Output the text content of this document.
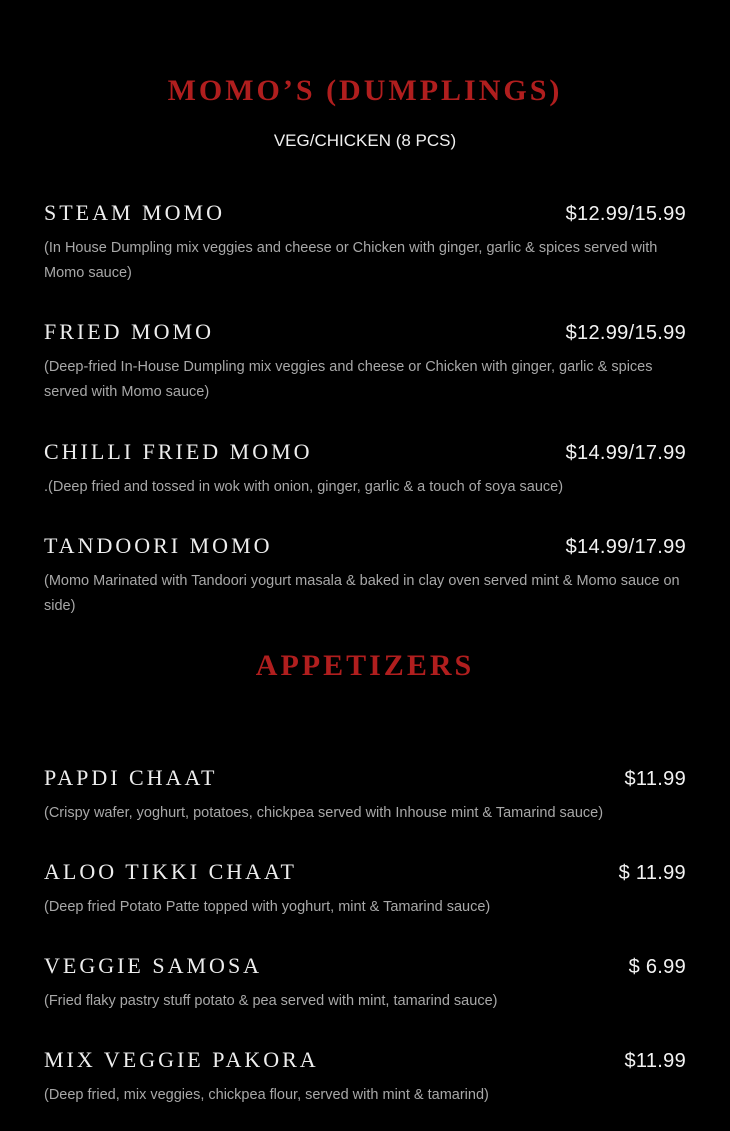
MOMO’S (DUMPLINGS)
VEG/CHICKEN (8 PCS)
STEAM MOMO	$12.99/15.99
(In House Dumpling mix veggies and cheese or Chicken with ginger, garlic & spices served with Momo sauce)
FRIED MOMO	$12.99/15.99
(Deep-fried In-House Dumpling mix veggies and cheese or Chicken with ginger, garlic & spices served with Momo sauce)
CHILLI FRIED MOMO	$14.99/17.99
.(Deep fried and tossed in wok with onion, ginger, garlic & a touch of soya sauce)
TANDOORI MOMO	$14.99/17.99
(Momo Marinated with Tandoori yogurt masala & baked in clay oven served mint & Momo sauce on side)
APPETIZERS
PAPDI CHAAT	$11.99
(Crispy wafer, yoghurt, potatoes, chickpea served with Inhouse mint & Tamarind sauce)
ALOO TIKKI CHAAT	$ 11.99
(Deep fried Potato Patte topped with yoghurt, mint & Tamarind sauce)
VEGGIE SAMOSA	$ 6.99
(Fried flaky pastry stuff potato & pea served with mint, tamarind sauce)
MIX VEGGIE PAKORA	$11.99
(Deep fried, mix veggies, chickpea flour, served with mint & tamarind)
